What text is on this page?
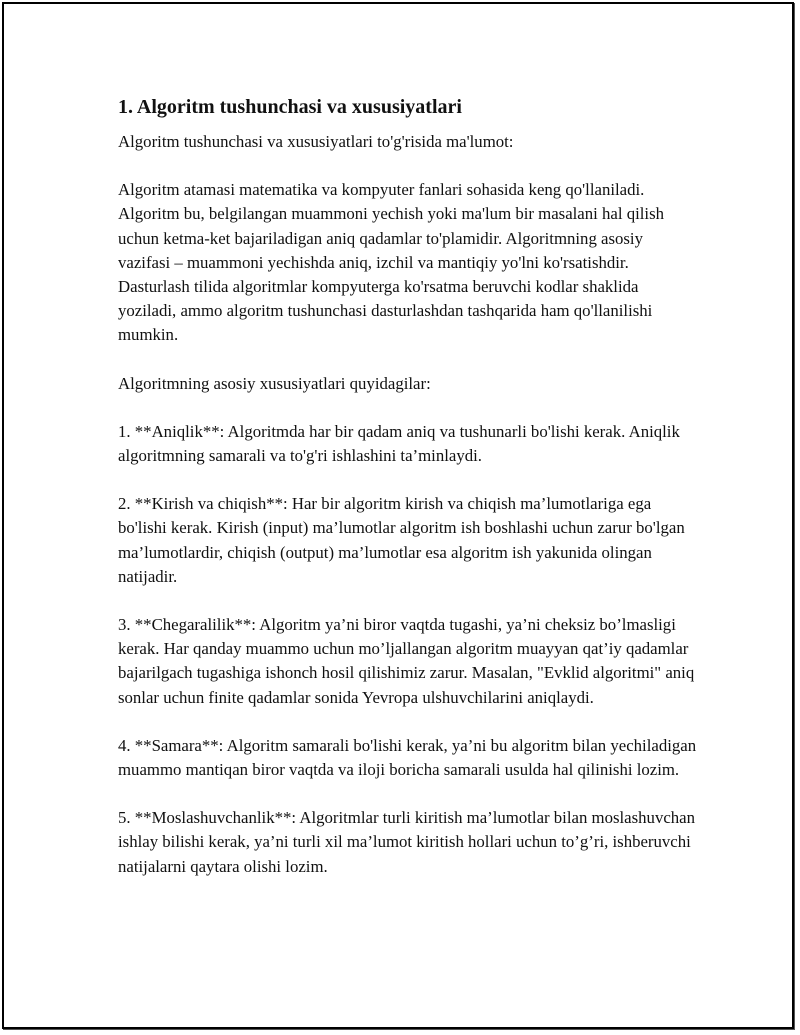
1. Algoritm tushunchasi va xususiyatlari

Algoritm tushunchasi va xususiyatlari to'g'risida ma'lumot:

Algoritm atamasi matematika va kompyuter fanlari sohasida keng qo'llaniladi. Algoritm bu, belgilangan muammoni yechish yoki ma'lum bir masalani hal qilish uchun ketma-ket bajariladigan aniq qadamlar to'plamidir. Algoritmning asosiy vazifasi – muammoni yechishda aniq, izchil va mantiqiy yo'lni ko'rsatishdir. Dasturlash tilida algoritmlar kompyuterga ko'rsatma beruvchi kodlar shaklida yoziladi, ammo algoritm tushunchasi dasturlashdan tashqarida ham qo'llanilishi mumkin.

Algoritmning asosiy xususiyatlari quyidagilar:

1. **Aniqlik**: Algoritmda har bir qadam aniq va tushunarli bo'lishi kerak. Aniqlik algoritmning samarali va to'g'ri ishlashini ta’minlaydi.

2. **Kirish va chiqish**: Har bir algoritm kirish va chiqish ma’lumotlariga ega bo'lishi kerak. Kirish (input) ma’lumotlar algoritm ish boshlashi uchun zarur bo'lgan ma’lumotlardir, chiqish (output) ma’lumotlar esa algoritm ish yakunida olingan natijadir.

3. **Chegaralilik**: Algoritm ya’ni biror vaqtda tugashi, ya’ni cheksiz bo’lmasligi kerak. Har qanday muammo uchun mo’ljallangan algoritm muayyan qat’iy qadamlar bajarilgach tugashiga ishonch hosil qilishimiz zarur. Masalan, "Evklid algoritmi" aniq sonlar uchun finite qadamlar sonida Yevropa ulshuvchilarini aniqlaydi.

4. **Samara**: Algoritm samarali bo'lishi kerak, ya’ni bu algoritm bilan yechiladigan muammo mantiqan biror vaqtda va iloji boricha samarali usulda hal qilinishi lozim.

5. **Moslashuvchanlik**: Algoritmlar turli kiritish ma’lumotlar bilan moslashuvchan ishlay bilishi kerak, ya’ni turli xil ma’lumot kiritish hollari uchun to’g’ri, ishberuvchi natijalarni qaytara olishi lozim.
